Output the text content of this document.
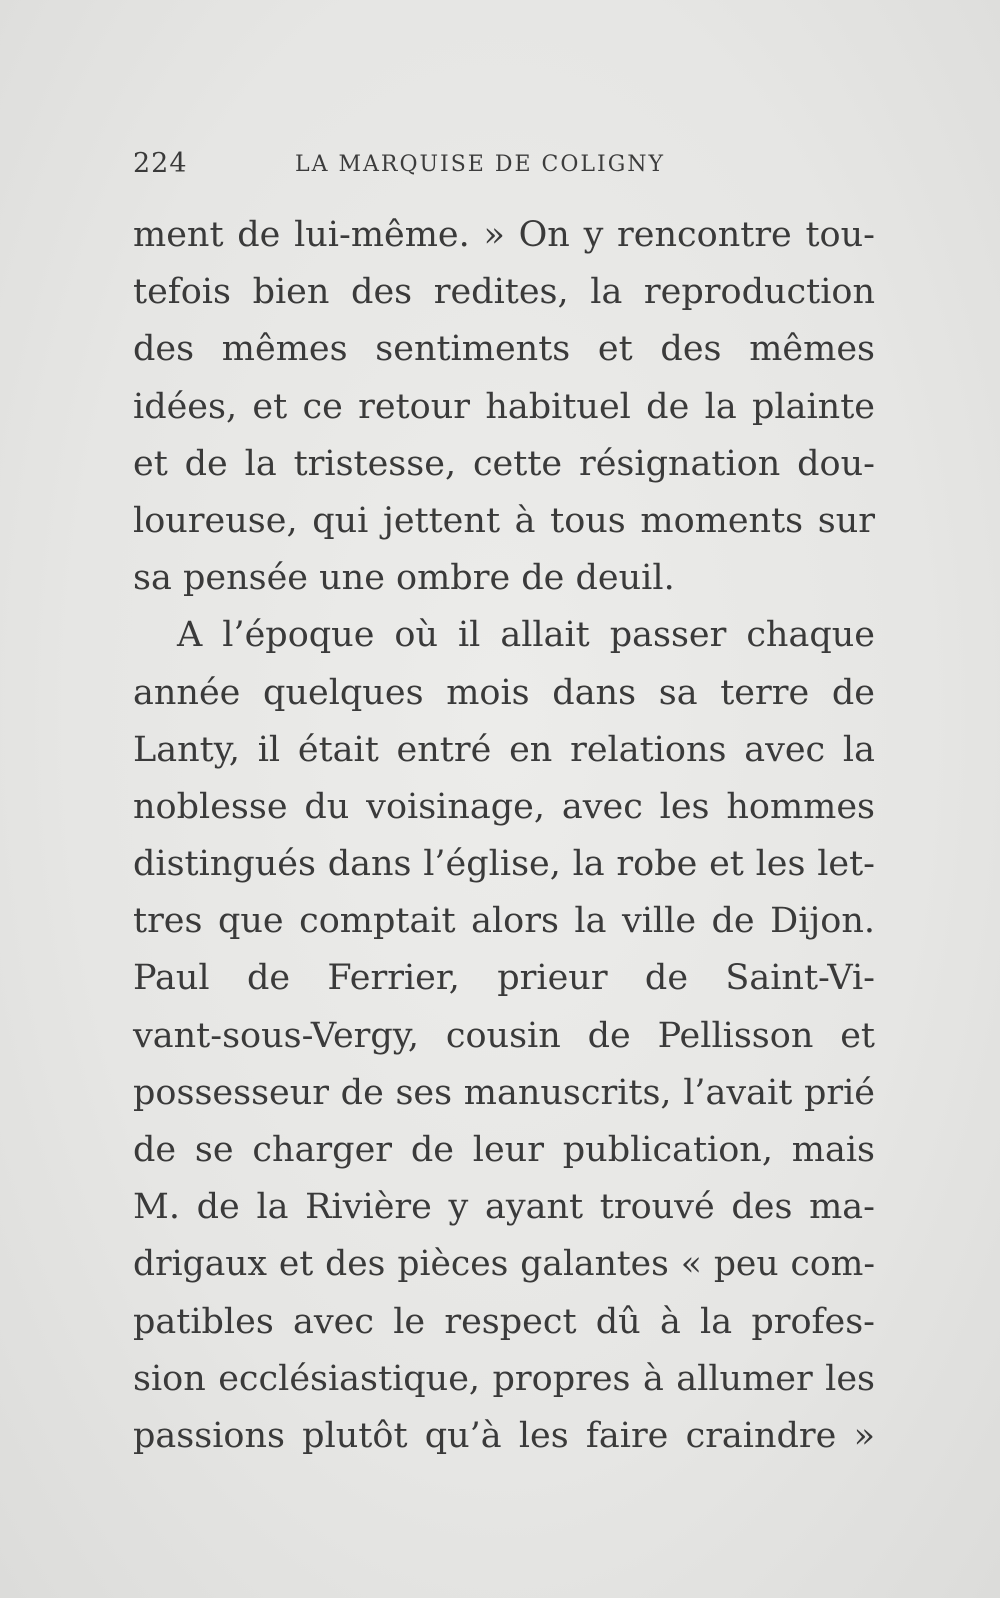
224	LA MARQUISE DE COLIGNY
ment de lui-même. » On y rencontre tou-
tefois bien des redites, la reproduction
des mêmes sentiments et des mêmes
idées, et ce retour habituel de la plainte
et de la tristesse, cette résignation dou-
loureuse, qui jettent à tous moments sur
sa pensée une ombre de deuil.
A l’époque où il allait passer chaque
année quelques mois dans sa terre de
Lanty, il était entré en relations avec la
noblesse du voisinage, avec les hommes
distingués dans l’église, la robe et les let-
tres que comptait alors la ville de Dijon.
Paul de Ferrier, prieur de Saint-Vi-
vant-sous-Vergy, cousin de Pellisson et
possesseur de ses manuscrits, l’avait prié
de se charger de leur publication, mais
M. de la Rivière y ayant trouvé des ma-
drigaux et des pièces galantes « peu com-
patibles avec le respect dû à la profes-
sion ecclésiastique, propres à allumer les
passions plutôt qu’à les faire craindre »
